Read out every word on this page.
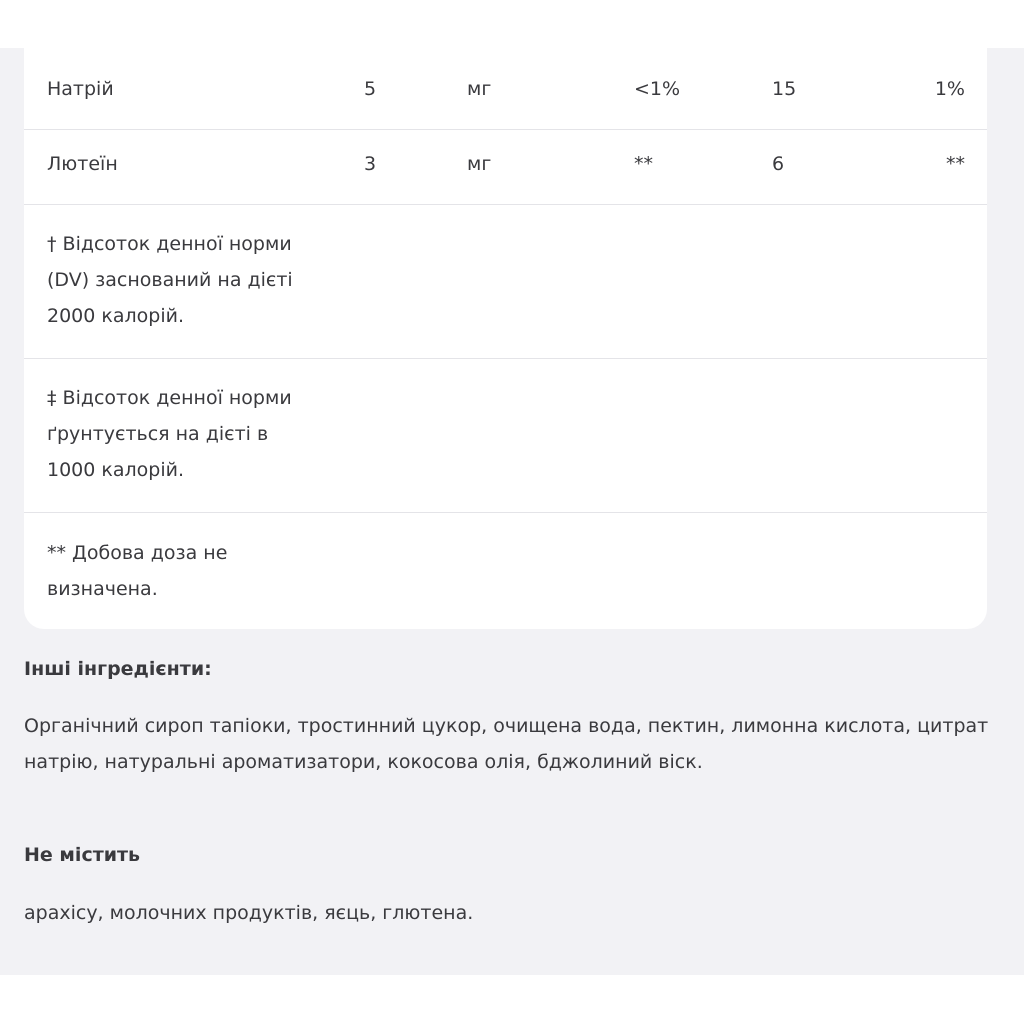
Натрій	5	мг	<1%	15	1%
Лютеїн	3	мг	**	6	**
† Відсоток денної норми
(DV) заснований на дієті
2000 калорій.
‡ Відсоток денної норми
ґрунтується на дієті в
1000 калорій.
** Добова доза не
визначена.
Інші інгредієнти:
Органічний сироп тапіоки, тростинний цукор, очищена вода, пектин, лимонна кислота, цитрат натрію, натуральні ароматизатори, кокосова олія, бджолиний віск.
Не містить
арахісу, молочних продуктів, яєць, глютена.
